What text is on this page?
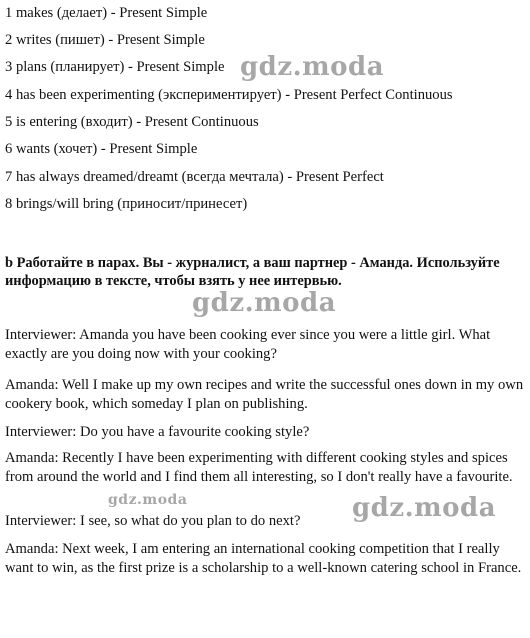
1 makes (делает) - Present Simple
2 writes (пишет) - Present Simple
3 plans (планирует) - Present Simple
4 has been experimenting (экспериментирует) - Present Perfect Continuous
5 is entering (входит) - Present Continuous
6 wants (хочет) - Present Simple
7 has always dreamed/dreamt (всегда мечтала) - Present Perfect
8 brings/will bring (приносит/принесет)
b Работайте в парах. Вы - журналист, а ваш партнер - Аманда. Используйте информацию в тексте, чтобы взять у нее интервью.
Interviewer: Amanda you have been cooking ever since you were a little girl. What exactly are you doing now with your cooking?
Amanda: Well I make up my own recipes and write the successful ones down in my own cookery book, which someday I plan on publishing.
Interviewer: Do you have a favourite cooking style?
Amanda: Recently I have been experimenting with different cooking styles and spices from around the world and I find them all interesting, so I don't really have a favourite.
Interviewer: I see, so what do you plan to do next?
Amanda: Next week, I am entering an international cooking competition that I really want to win, as the first prize is a scholarship to a well-known catering school in France.
gdz.moda
gdz.moda
gdz.moda	gdz.moda
